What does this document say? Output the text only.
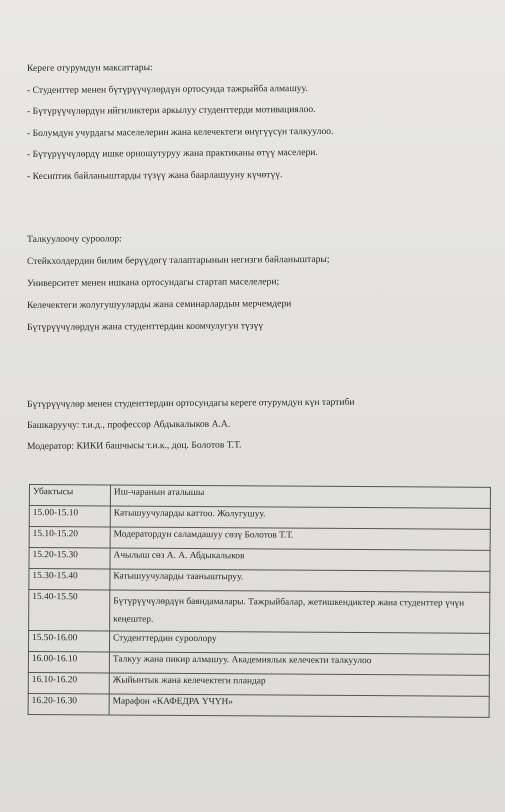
Кереге отурумдун максаттары:
- Студенттер менен бүтүрүүчүлөрдүн ортосунда тажрыйба алмашуу.
- Бүтүрүүчүлөрдүн ийгиликтери аркылуу студенттерди мотивациялоо.
- Болумдун учурдагы маселелерин жана келечектеги өнүгүүсүн талкуулоо.
- Бүтүрүүчүлөрдү ишке орношутуруу жана практиканы өтүү маселери.
- Кесиптик байланыштарды түзүү жана баарлашууну күчөтүү.
Талкуулоочу суроолор:
Стейкхолдердин билим берүүдөгү талаптарынын негизги байланыштары;
Университет менен ишкана ортосундагы стартап маселелери;
Келечектеги жолугушууларды жана семинарлардын мерчемдери
Бүтүрүүчүлөрдүн жана студенттердин коомчулугун түзүү
Бүтүрүүчүлөр менен студенттердин ортосундагы кереге отурумдун күн тартиби
Башкаруучу: т.и.д., профессор Абдыкалыков А.А.
Модератор: КИКИ башчысы т.и.к., доц. Болотов Т.Т.
Убактысы	Иш-чаранын аталышы
15.00-15.10	Катышуучуларды каттоо. Жолугушуу.
15.10-15.20	Модератордун саламдашуу сөзү Болотов Т.Т.
15.20-15.30	Ачылыш сөз А. А. Абдыкалыков
15.30-15.40	Катышуучуларды тааныштыруу.
15.40-15.50	Бүтүрүүчүлөрдүн баяндамалары. Тажрыйбалар, жетишкендиктер жана студенттер үчүн кеңештер.
15.50-16.00	Студенттердин суроолору
16.00-16.10	Талкуу жана пикир алмашуу. Академиялык келечекти талкуулоо
16.10-16.20	Жыйынтык жана келечектеги пландар
16.20-16.30	Марафон «КАФЕДРА ҮЧҮН»
